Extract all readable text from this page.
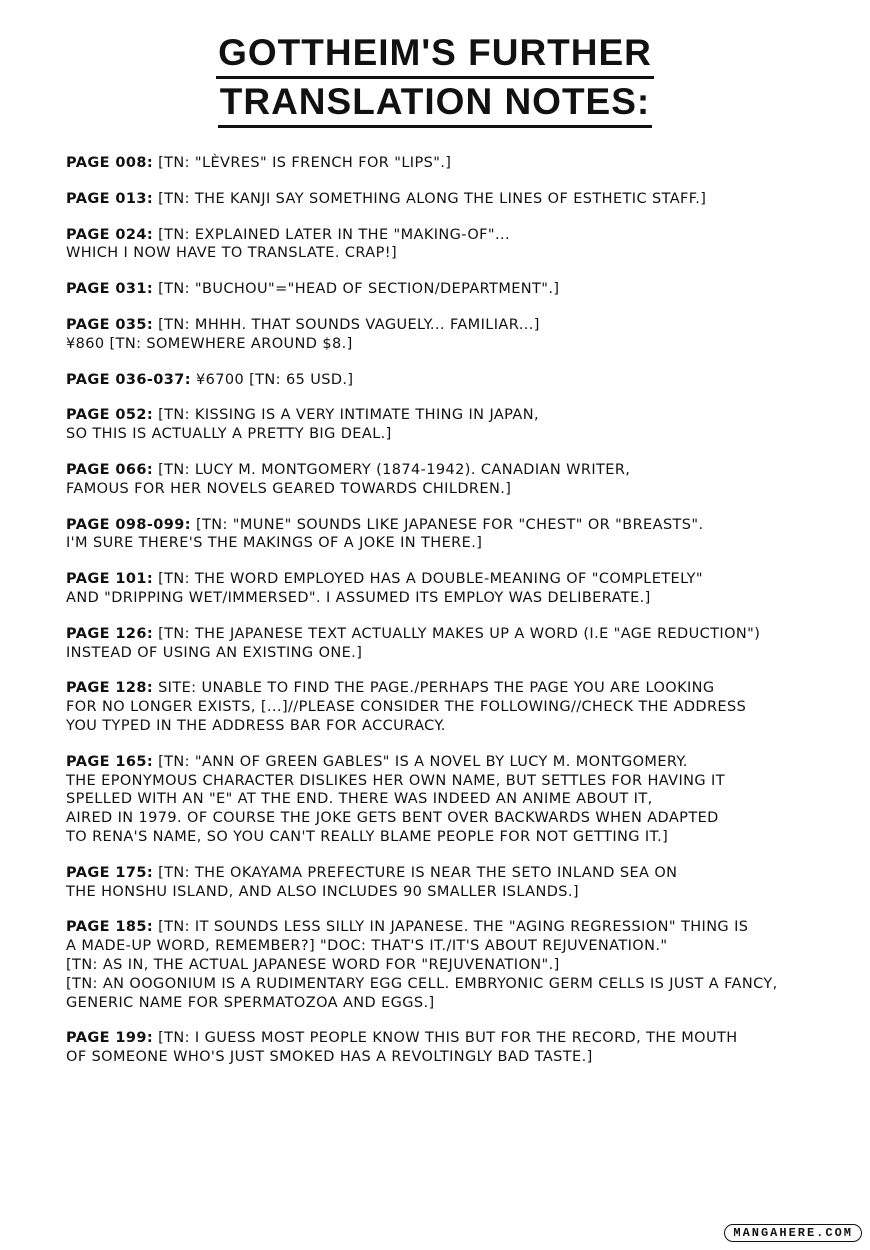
GOTTHEIM'S FURTHER
TRANSLATION NOTES:
PAGE 008: [TN: "LÈVRES" IS FRENCH FOR "LIPS".]
PAGE 013: [TN: THE KANJI SAY SOMETHING ALONG THE LINES OF ESTHETIC STAFF.]
PAGE 024: [TN: EXPLAINED LATER IN THE "MAKING-OF"...
WHICH I NOW HAVE TO TRANSLATE. CRAP!]
PAGE 031: [TN: "BUCHOU"="HEAD OF SECTION/DEPARTMENT".]
PAGE 035: [TN: MHHH. THAT SOUNDS VAGUELY... FAMILIAR...]
¥860 [TN: SOMEWHERE AROUND $8.]
PAGE 036-037: ¥6700 [TN: 65 USD.]
PAGE 052: [TN: KISSING IS A VERY INTIMATE THING IN JAPAN,
SO THIS IS ACTUALLY A PRETTY BIG DEAL.]
PAGE 066: [TN: LUCY M. MONTGOMERY (1874-1942). CANADIAN WRITER,
FAMOUS FOR HER NOVELS GEARED TOWARDS CHILDREN.]
PAGE 098-099: [TN: "MUNE" SOUNDS LIKE JAPANESE FOR "CHEST" OR "BREASTS".
I'M SURE THERE'S THE MAKINGS OF A JOKE IN THERE.]
PAGE 101: [TN: THE WORD EMPLOYED HAS A DOUBLE-MEANING OF "COMPLETELY"
AND "DRIPPING WET/IMMERSED". I ASSUMED ITS EMPLOY WAS DELIBERATE.]
PAGE 126: [TN: THE JAPANESE TEXT ACTUALLY MAKES UP A WORD (I.E "AGE REDUCTION")
INSTEAD OF USING AN EXISTING ONE.]
PAGE 128: SITE: UNABLE TO FIND THE PAGE./PERHAPS THE PAGE YOU ARE LOOKING
FOR NO LONGER EXISTS, [...]//PLEASE CONSIDER THE FOLLOWING//CHECK THE ADDRESS
YOU TYPED IN THE ADDRESS BAR FOR ACCURACY.
PAGE 165: [TN: "ANN OF GREEN GABLES" IS A NOVEL BY LUCY M. MONTGOMERY.
THE EPONYMOUS CHARACTER DISLIKES HER OWN NAME, BUT SETTLES FOR HAVING IT
SPELLED WITH AN "E" AT THE END. THERE WAS INDEED AN ANIME ABOUT IT,
AIRED IN 1979. OF COURSE THE JOKE GETS BENT OVER BACKWARDS WHEN ADAPTED
TO RENA'S NAME, SO YOU CAN'T REALLY BLAME PEOPLE FOR NOT GETTING IT.]
PAGE 175: [TN: THE OKAYAMA PREFECTURE IS NEAR THE SETO INLAND SEA ON
THE HONSHU ISLAND, AND ALSO INCLUDES 90 SMALLER ISLANDS.]
PAGE 185: [TN: IT SOUNDS LESS SILLY IN JAPANESE. THE "AGING REGRESSION" THING IS
A MADE-UP WORD, REMEMBER?] "DOC: THAT'S IT./IT'S ABOUT REJUVENATION."
[TN: AS IN, THE ACTUAL JAPANESE WORD FOR "REJUVENATION".]
[TN: AN OOGONIUM IS A RUDIMENTARY EGG CELL. EMBRYONIC GERM CELLS IS JUST A FANCY,
GENERIC NAME FOR SPERMATOZOA AND EGGS.]
PAGE 199: [TN: I GUESS MOST PEOPLE KNOW THIS BUT FOR THE RECORD, THE MOUTH
OF SOMEONE WHO'S JUST SMOKED HAS A REVOLTINGLY BAD TASTE.]
MANGAHERE.COM
